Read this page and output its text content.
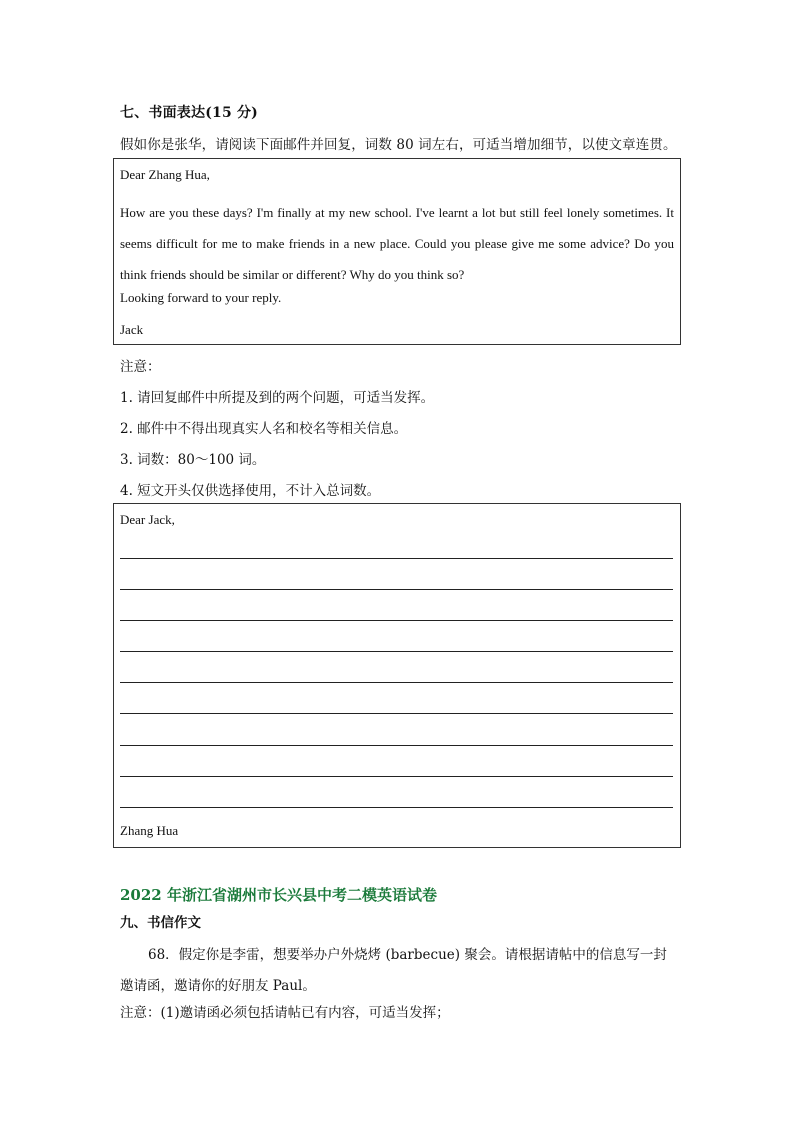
七、书面表达(15 分)
假如你是张华，请阅读下面邮件并回复，词数 80 词左右，可适当增加细节，以使文章连贯。
Dear Zhang Hua,
How are you these days? I'm finally at my new school. I've learnt a lot but still feel lonely sometimes. It seems difficult for me to make friends in a new place. Could you please give me some advice? Do you think friends should be similar or different? Why do you think so?
Looking forward to your reply.
Jack
注意：
1. 请回复邮件中所提及到的两个问题，可适当发挥。
2. 邮件中不得出现真实人名和校名等相关信息。
3. 词数：80～100 词。
4. 短文开头仅供选择使用，不计入总词数。
Dear Jack,
Zhang Hua
2022 年浙江省湖州市长兴县中考二模英语试卷
九、书信作文
68．假定你是李雷，想要举办户外烧烤 (barbecue) 聚会。请根据请帖中的信息写一封邀请函，邀请你的好朋友 Paul。
注意：(1)邀请函必须包括请帖已有内容，可适当发挥；
